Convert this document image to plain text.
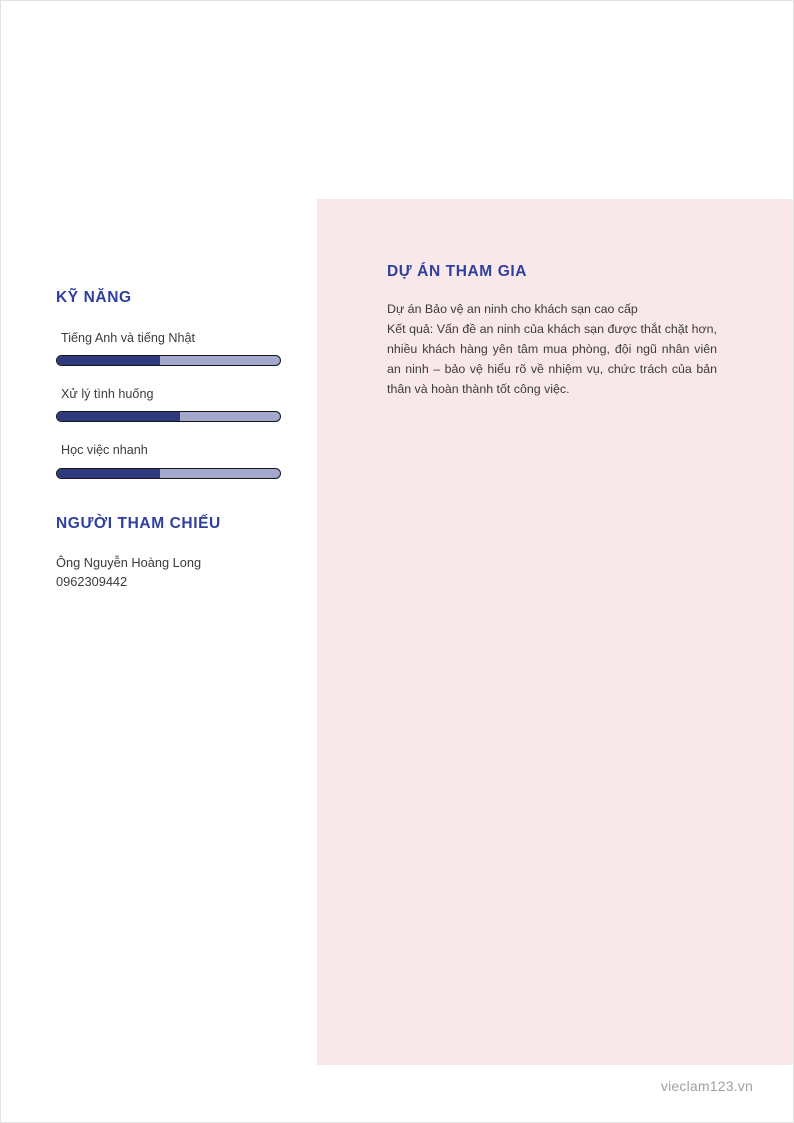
DỰ ÁN THAM GIA

Dự án Bảo vệ an ninh cho khách sạn cao cấp
Kết quả: Vấn đề an ninh của khách sạn được thắt chặt hơn, nhiều khách hàng yên tâm mua phòng, đội ngũ nhân viên an ninh – bảo vệ hiểu rõ về nhiệm vụ, chức trách của bản thân và hoàn thành tốt công việc.

KỸ NĂNG
Tiếng Anh và tiếng Nhật
Xử lý tình huống
Học việc nhanh
NGƯỜI THAM CHIẾU

Ông Nguyễn Hoàng Long

0962309442

vieclam123.vn
